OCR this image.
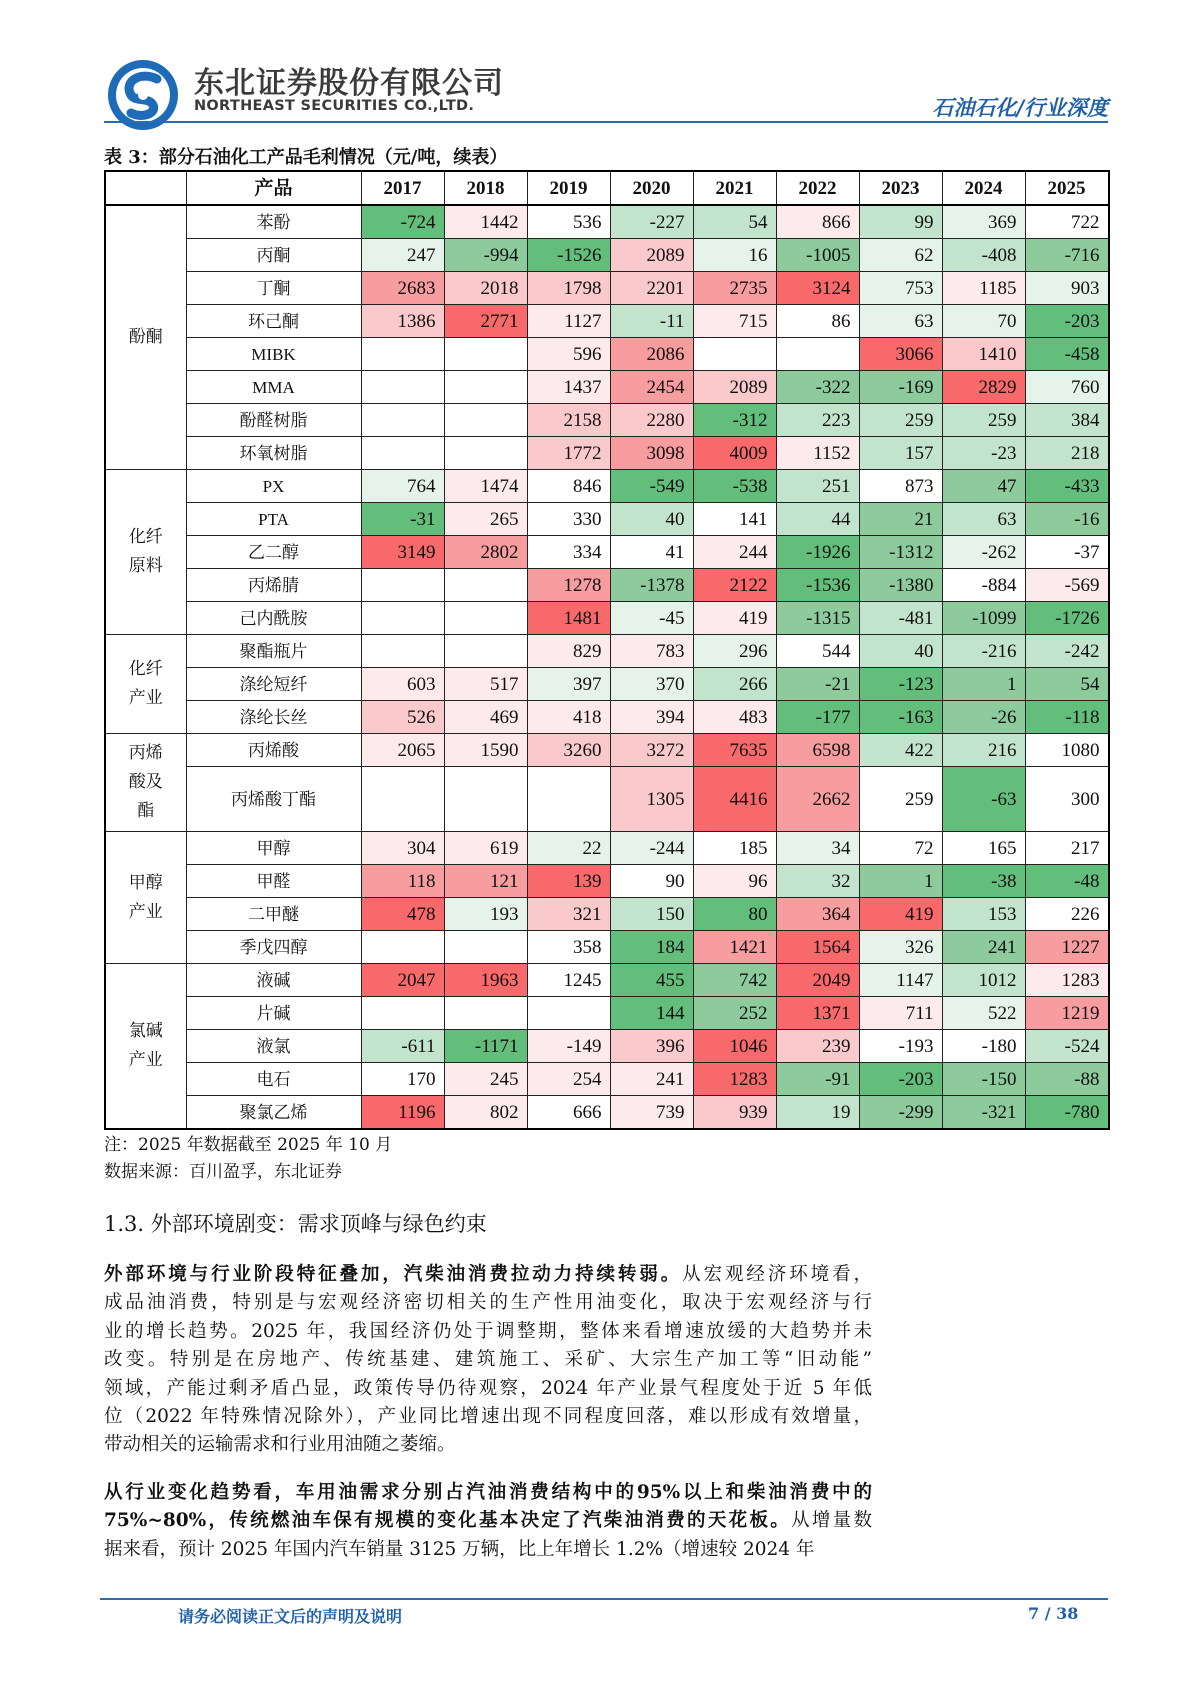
东北证券股份有限公司
NORTHEAST SECURITIES CO.,LTD.	石油石化/行业深度
表 3：部分石油化工产品毛利情况（元/吨，续表）
	产品	2017	2018	2019	2020	2021	2022	2023	2024	2025

酚酮	苯酚	-724	1442	536	-227	54	866	99	369	722
	丙酮	247	-994	-1526	2089	16	-1005	62	-408	-716
	丁酮	2683	2018	1798	2201	2735	3124	753	1185	903
	环己酮	1386	2771	1127	-11	715	86	63	70	-203
	MIBK			596	2086			3066	1410	-458
	MMA			1437	2454	2089	-322	-169	2829	760
	酚醛树脂			2158	2280	-312	223	259	259	384
	环氧树脂			1772	3098	4009	1152	157	-23	218

化纤
原料	PX	764	1474	846	-549	-538	251	873	47	-433
	PTA	-31	265	330	40	141	44	21	63	-16
	乙二醇	3149	2802	334	41	244	-1926	-1312	-262	-37
	丙烯腈			1278	-1378	2122	-1536	-1380	-884	-569
	己内酰胺			1481	-45	419	-1315	-481	-1099	-1726

化纤
产业	聚酯瓶片			829	783	296	544	40	-216	-242
	涤纶短纤	603	517	397	370	266	-21	-123	1	54
	涤纶长丝	526	469	418	394	483	-177	-163	-26	-118

丙烯
酸及
酯	丙烯酸	2065	1590	3260	3272	7635	6598	422	216	1080
	丙烯酸丁酯				1305	4416	2662	259	-63	300

甲醇
产业	甲醇	304	619	22	-244	185	34	72	165	217
	甲醛	118	121	139	90	96	32	1	-38	-48
	二甲醚	478	193	321	150	80	364	419	153	226
	季戊四醇			358	184	1421	1564	326	241	1227

氯碱
产业	液碱	2047	1963	1245	455	742	2049	1147	1012	1283
	片碱				144	252	1371	711	522	1219
	液氯	-611	-1171	-149	396	1046	239	-193	-180	-524
	电石	170	245	254	241	1283	-91	-203	-150	-88
	聚氯乙烯	1196	802	666	739	939	19	-299	-321	-780
注：2025 年数据截至 2025 年 10 月
数据来源：百川盈孚，东北证券
1.3. 外部环境剧变：需求顶峰与绿色约束
外部环境与行业阶段特征叠加，汽柴油消费拉动力持续转弱。从宏观经济环境看，
成品油消费，特别是与宏观经济密切相关的生产性用油变化，取决于宏观经济与行
业的增长趋势。2025 年，我国经济仍处于调整期，整体来看增速放缓的大趋势并未
改变。特别是在房地产、传统基建、建筑施工、采矿、大宗生产加工等“旧动能”
领域，产能过剩矛盾凸显，政策传导仍待观察，2024 年产业景气程度处于近 5 年低
位（2022 年特殊情况除外），产业同比增速出现不同程度回落，难以形成有效增量，
带动相关的运输需求和行业用油随之萎缩。
从行业变化趋势看，车用油需求分别占汽油消费结构中的95%以上和柴油消费中的
75%~80%，传统燃油车保有规模的变化基本决定了汽柴油消费的天花板。从增量数
据来看，预计 2025 年国内汽车销量 3125 万辆，比上年增长 1.2%（增速较 2024 年
请务必阅读正文后的声明及说明	7 / 38
